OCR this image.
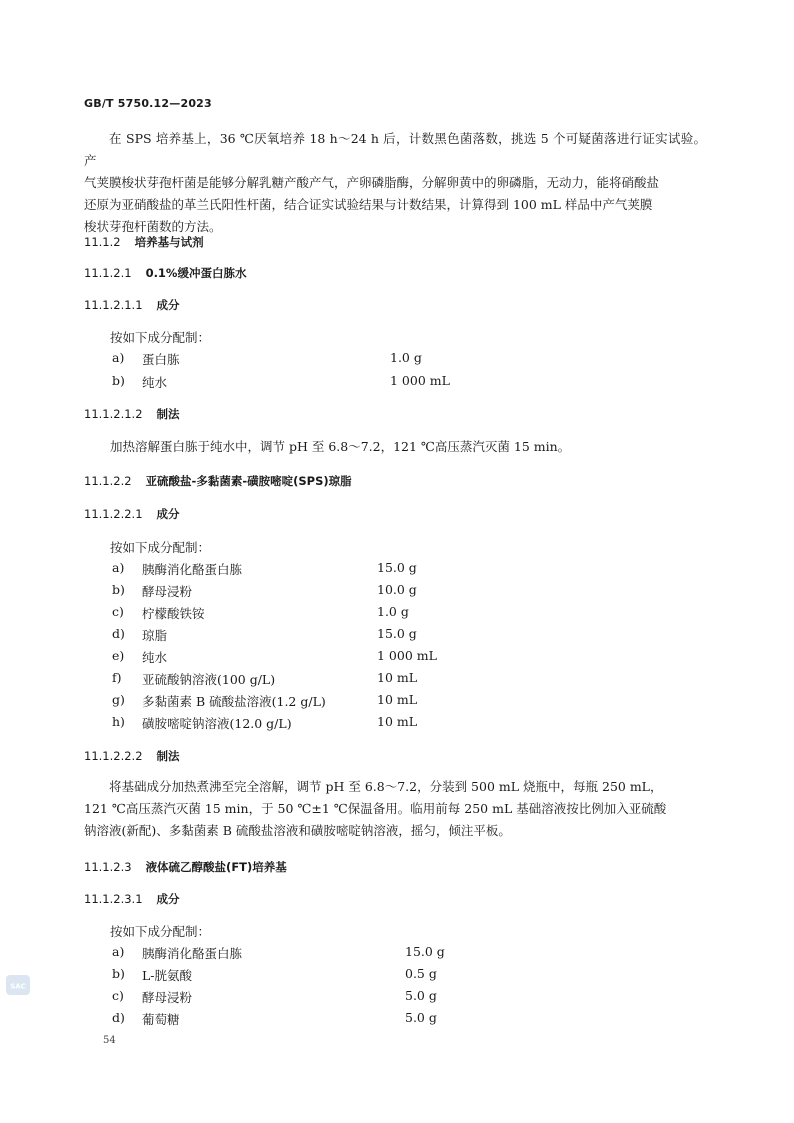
GB/T 5750.12—2023

在 SPS 培养基上，36 ℃厌氧培养 18 h～24 h 后，计数黑色菌落数，挑选 5 个可疑菌落进行证实试验。产

气荚膜梭状芽孢杆菌是能够分解乳糖产酸产气，产卵磷脂酶，分解卵黄中的卵磷脂，无动力，能将硝酸盐

还原为亚硝酸盐的革兰氏阳性杆菌，结合证实试验结果与计数结果，计算得到 100 mL 样品中产气荚膜

梭状芽孢杆菌数的方法。

11.1.2 培养基与试剂
11.1.2.1 0.1%缓冲蛋白胨水
11.1.2.1.1 成分
按如下成分配制：
a) 蛋白胨	1.0 g
b) 纯水	1 000 mL
11.1.2.1.2 制法
加热溶解蛋白胨于纯水中，调节 pH 至 6.8～7.2，121 ℃高压蒸汽灭菌 15 min。
11.1.2.2 亚硫酸盐-多黏菌素-磺胺嘧啶(SPS)琼脂
11.1.2.2.1 成分
按如下成分配制：
a) 胰酶消化酪蛋白胨	15.0 g
b) 酵母浸粉	10.0 g
c) 柠檬酸铁铵	1.0 g
d) 琼脂	15.0 g
e) 纯水	1 000 mL
f) 亚硫酸钠溶液(100 g/L)	10 mL
g) 多黏菌素 B 硫酸盐溶液(1.2 g/L)	10 mL
h) 磺胺嘧啶钠溶液(12.0 g/L)	10 mL
11.1.2.2.2 制法

将基础成分加热煮沸至完全溶解，调节 pH 至 6.8～7.2，分装到 500 mL 烧瓶中，每瓶 250 mL，

121 ℃高压蒸汽灭菌 15 min，于 50 ℃±1 ℃保温备用。临用前每 250 mL 基础溶液按比例加入亚硫酸

钠溶液(新配)、多黏菌素 B 硫酸盐溶液和磺胺嘧啶钠溶液，摇匀，倾注平板。

11.1.2.3 液体硫乙醇酸盐(FT)培养基
11.1.2.3.1 成分
按如下成分配制：
a) 胰酶消化酪蛋白胨	15.0 g
b) L-胱氨酸	0.5 g
c) 酵母浸粉	5.0 g
d) 葡萄糖	5.0 g
54
SAC
